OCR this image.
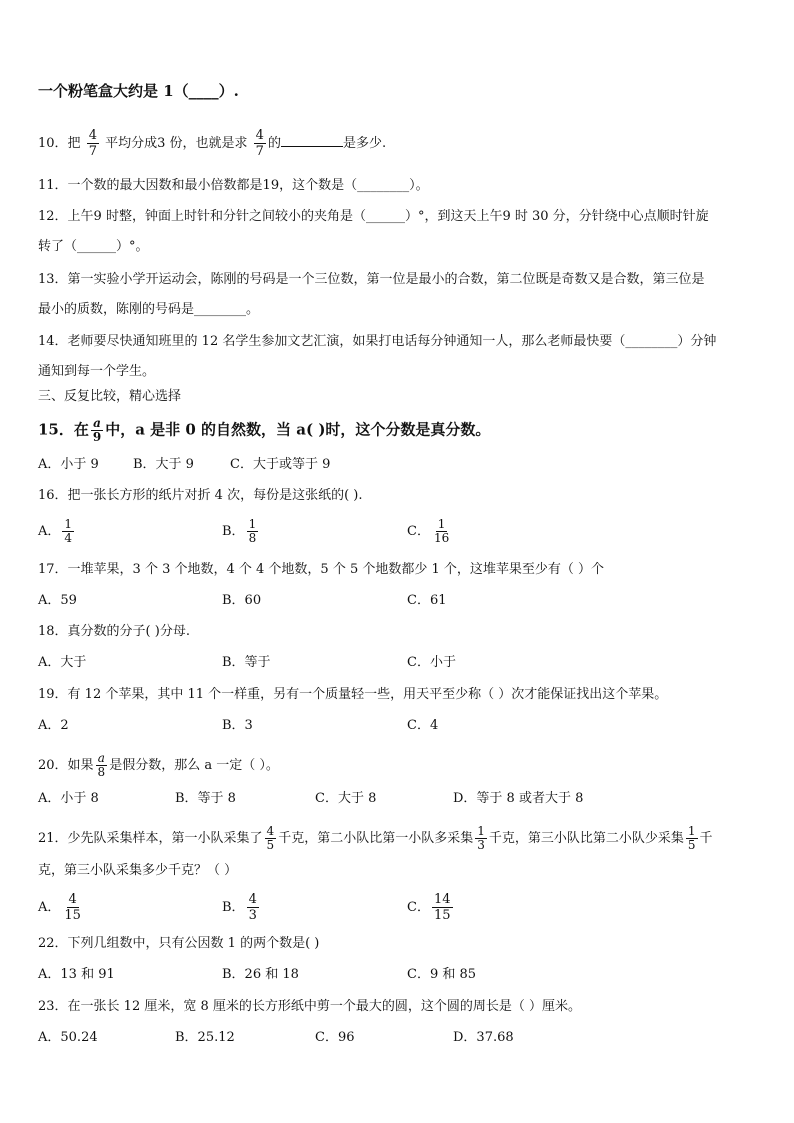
一个粉笔盒大约是 1（____）.
10．把 $\frac{4}{7}$ 平均分成3 份，也就是求 $\frac{4}{7}$ 的	是多少.
11．一个数的最大因数和最小倍数都是19，这个数是（________）。
12．上午9 时整，钟面上时针和分针之间较小的夹角是（______）°，到这天上午9 时 30 分，分针绕中心点顺时针旋
转了（______）°。
13．第一实验小学开运动会，陈刚的号码是一个三位数，第一位是最小的合数，第二位既是奇数又是合数，第三位是
最小的质数，陈刚的号码是________。
14．老师要尽快通知班里的 12 名学生参加文艺汇演，如果打电话每分钟通知一人，那么老师最快要（________）分钟
通知到每一个学生。
三、反复比较，精心选择
15．在 $\frac{a}{9}$ 中，a 是非 0 的自然数，当 a( )时，这个分数是真分数。
A．小于 9	B．大于 9	C．大于或等于 9
16．把一张长方形的纸片对折 4 次，每份是这张纸的( ).
A． $\frac{1}{4}$	B． $\frac{1}{8}$	C． $\frac{1}{16}$
17．一堆苹果，3 个 3 个地数，4 个 4 个地数，5 个 5 个地数都少 1 个，这堆苹果至少有（ ）个
A．59	B．60	C．61
18．真分数的分子( )分母.
A．大于	B．等于	C．小于
19．有 12 个苹果，其中 11 个一样重，另有一个质量轻一些，用天平至少称（ ）次才能保证找出这个苹果。
A．2	B．3	C．4
20．如果 $\frac{a}{8}$ 是假分数，那么 a 一定（ ）。
A．小于 8	B．等于 8	C．大于 8	D．等于 8 或者大于 8
21．少先队采集样本，第一小队采集了 $\frac{4}{5}$ 千克，第二小队比第一小队多采集 $\frac{1}{3}$ 千克，第三小队比第二小队少采集 $\frac{1}{5}$ 千
克，第三小队采集多少千克？（ ）
A． $\frac{4}{15}$	B． $\frac{4}{3}$	C． $\frac{14}{15}$
22．下列几组数中，只有公因数 1 的两个数是( )
A．13 和 91	B．26 和 18	C．9 和 85
23．在一张长 12 厘米，宽 8 厘米的长方形纸中剪一个最大的圆，这个圆的周长是（ ）厘米。
A．50.24	B．25.12	C．96	D．37.68
